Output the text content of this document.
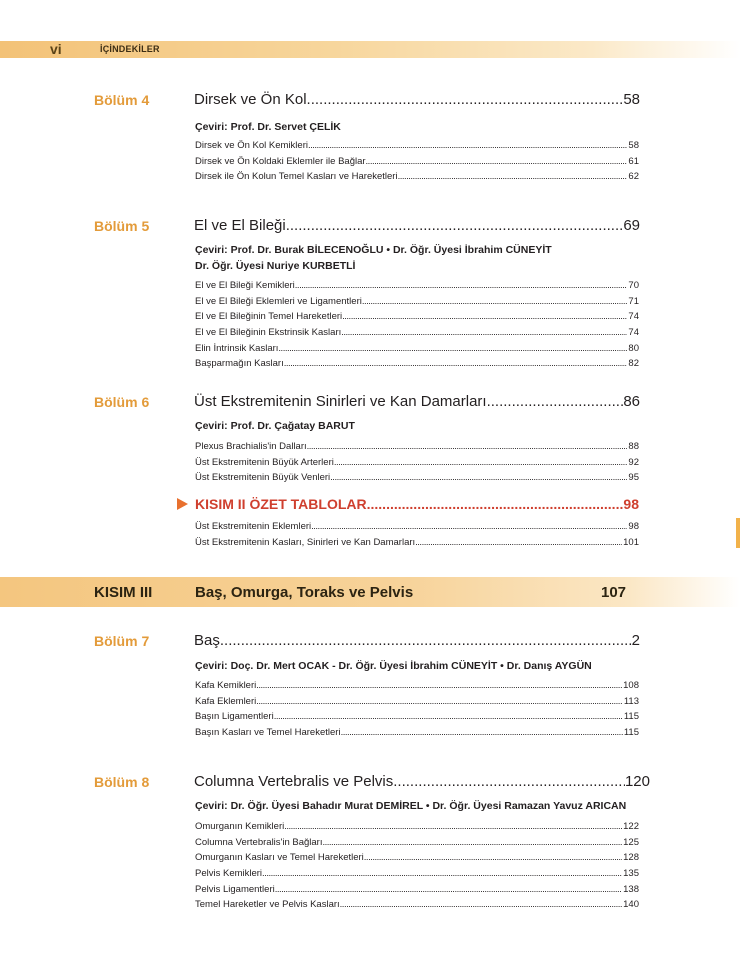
vi	İÇİNDEKİLER
Bölüm 4	Dirsek ve Ön Kol .....	58
Çeviri: Prof. Dr. Servet ÇELİK
Dirsek ve Ön Kol Kemikleri .....	58
Dirsek ve Ön Koldaki Eklemler ile Bağlar .....	61
Dirsek ile Ön Kolun Temel Kasları ve Hareketleri .....	62
Bölüm 5	El ve El Bileği .....	69
Çeviri: Prof. Dr. Burak BİLECENOĞLU • Dr. Öğr. Üyesi İbrahim CÜNEYİT
Dr. Öğr. Üyesi Nuriye KURBETLİ
El ve El Bileği Kemikleri .....	70
El ve El Bileği Eklemleri ve Ligamentleri .....	71
El ve El Bileğinin Temel Hareketleri .....	74
El ve El Bileğinin Ekstrinsik Kasları .....	74
Elin İntrinsik Kasları .....	80
Başparmağın Kasları .....	82
Bölüm 6	Üst Ekstremitenin Sinirleri ve Kan Damarları .....	86
Çeviri: Prof. Dr. Çağatay BARUT
Plexus Brachialis'in Dalları .....	88
Üst Ekstremitenin Büyük Arterleri .....	92
Üst Ekstremitenin Büyük Venleri .....	95
KISIM II ÖZET TABLOLAR .....	98
Üst Ekstremitenin Eklemleri .....	98
Üst Ekstremitenin Kasları, Sinirleri ve Kan Damarları .....	101
KISIM III	Baş, Omurga, Toraks ve Pelvis	107
Bölüm 7	Baş .....	2
Çeviri: Doç. Dr. Mert OCAK - Dr. Öğr. Üyesi İbrahim CÜNEYİT • Dr. Danış AYGÜN
Kafa Kemikleri .....	108
Kafa Eklemleri .....	113
Başın Ligamentleri .....	115
Başın Kasları ve Temel Hareketleri .....	115
Bölüm 8	Columna Vertebralis ve Pelvis .....	120
Çeviri: Dr. Öğr. Üyesi Bahadır Murat DEMİREL • Dr. Öğr. Üyesi Ramazan Yavuz ARICAN
Omurganın Kemikleri .....	122
Columna Vertebralis'in Bağları .....	125
Omurganın Kasları ve Temel Hareketleri .....	128
Pelvis Kemikleri .....	135
Pelvis Ligamentleri .....	138
Temel Hareketler ve Pelvis Kasları .....	140
